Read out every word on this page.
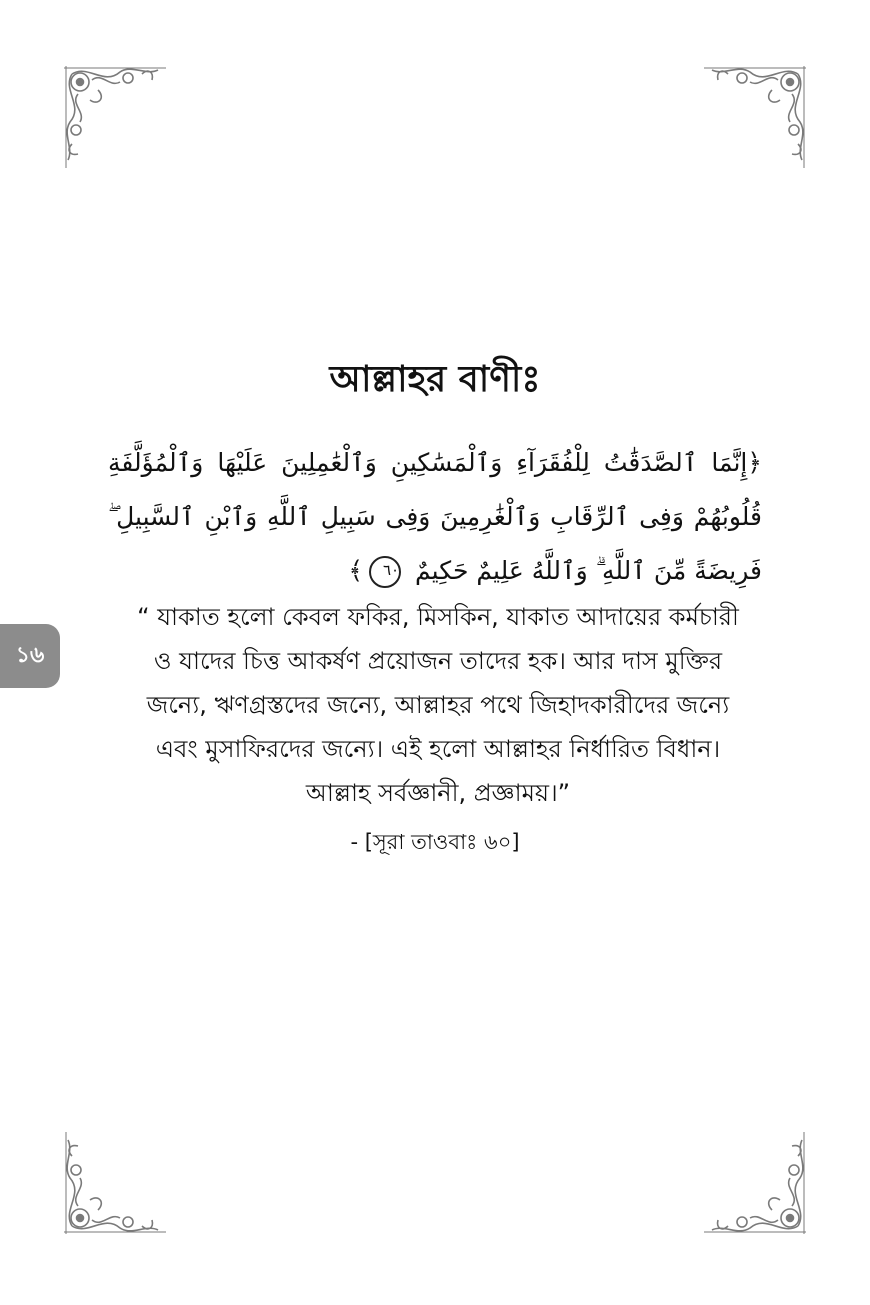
১৬
আল্লাহর বাণীঃ
﴿إِنَّمَا ٱلصَّدَقَٰتُ لِلْفُقَرَآءِ وَٱلْمَسَٰكِينِ وَٱلْعَٰمِلِينَ عَلَيْهَا وَٱلْمُؤَلَّفَةِ قُلُوبُهُمْ وَفِى ٱلرِّقَابِ وَٱلْغَٰرِمِينَ وَفِى سَبِيلِ ٱللَّهِ وَٱبْنِ ٱلسَّبِيلِ ۖ فَرِيضَةً مِّنَ ٱللَّهِ ۗ وَٱللَّهُ عَلِيمٌ حَكِيمٌ ٦٠﴾
“ যাকাত হলো কেবল ফকির, মিসকিন, যাকাত আদায়ের কর্মচারী
ও যাদের চিত্ত আকর্ষণ প্রয়োজন তাদের হক। আর দাস মুক্তির
জন্যে, ঋণগ্রস্তদের জন্যে, আল্লাহর পথে জিহাদকারীদের জন্যে
এবং মুসাফিরদের জন্যে। এই হলো আল্লাহর নির্ধারিত বিধান।
আল্লাহ সর্বজ্ঞানী, প্রজ্ঞাময়।”
- [সূরা তাওবাঃ ৬০]
